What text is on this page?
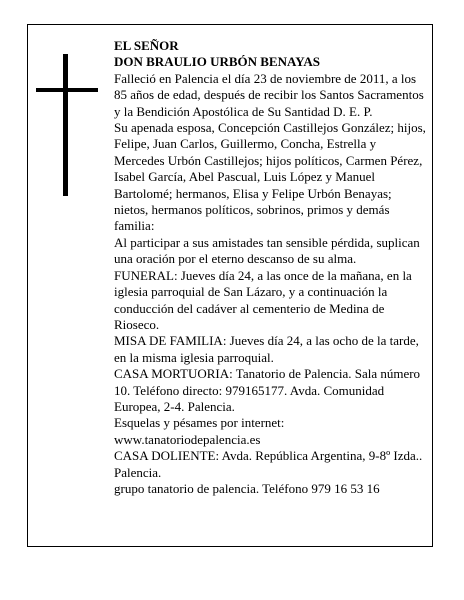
EL SEÑOR
DON BRAULIO URBÓN BENAYAS

Falleció en Palencia el día 23 de noviembre de 2011, a los 85 años de edad, después de recibir los Santos Sacramentos y la Bendición Apostólica de Su Santidad D. E. P.

Su apenada esposa, Concepción Castillejos González; hijos, Felipe, Juan Carlos, Guillermo, Concha, Estrella y Mercedes Urbón Castillejos; hijos políticos, Carmen Pérez, Isabel García, Abel Pascual, Luis López y Manuel Bartolomé; hermanos, Elisa y Felipe Urbón Benayas; nietos, hermanos políticos, sobrinos, primos y demás familia:

Al participar a sus amistades tan sensible pérdida, suplican una oración por el eterno descanso de su alma.

FUNERAL: Jueves día 24, a las once de la mañana, en la iglesia parroquial de San Lázaro, y a continuación la conducción del cadáver al cementerio de Medina de Rioseco.

MISA DE FAMILIA: Jueves día 24, a las ocho de la tarde, en la misma iglesia parroquial.

CASA MORTUORIA: Tanatorio de Palencia. Sala número 10. Teléfono directo: 979165177. Avda. Comunidad Europea, 2-4. Palencia.

Esquelas y pésames por internet: www.tanatoriodepalencia.es

CASA DOLIENTE: Avda. República Argentina, 9-8º Izda.. Palencia.

grupo tanatorio de palencia. Teléfono 979 16 53 16
